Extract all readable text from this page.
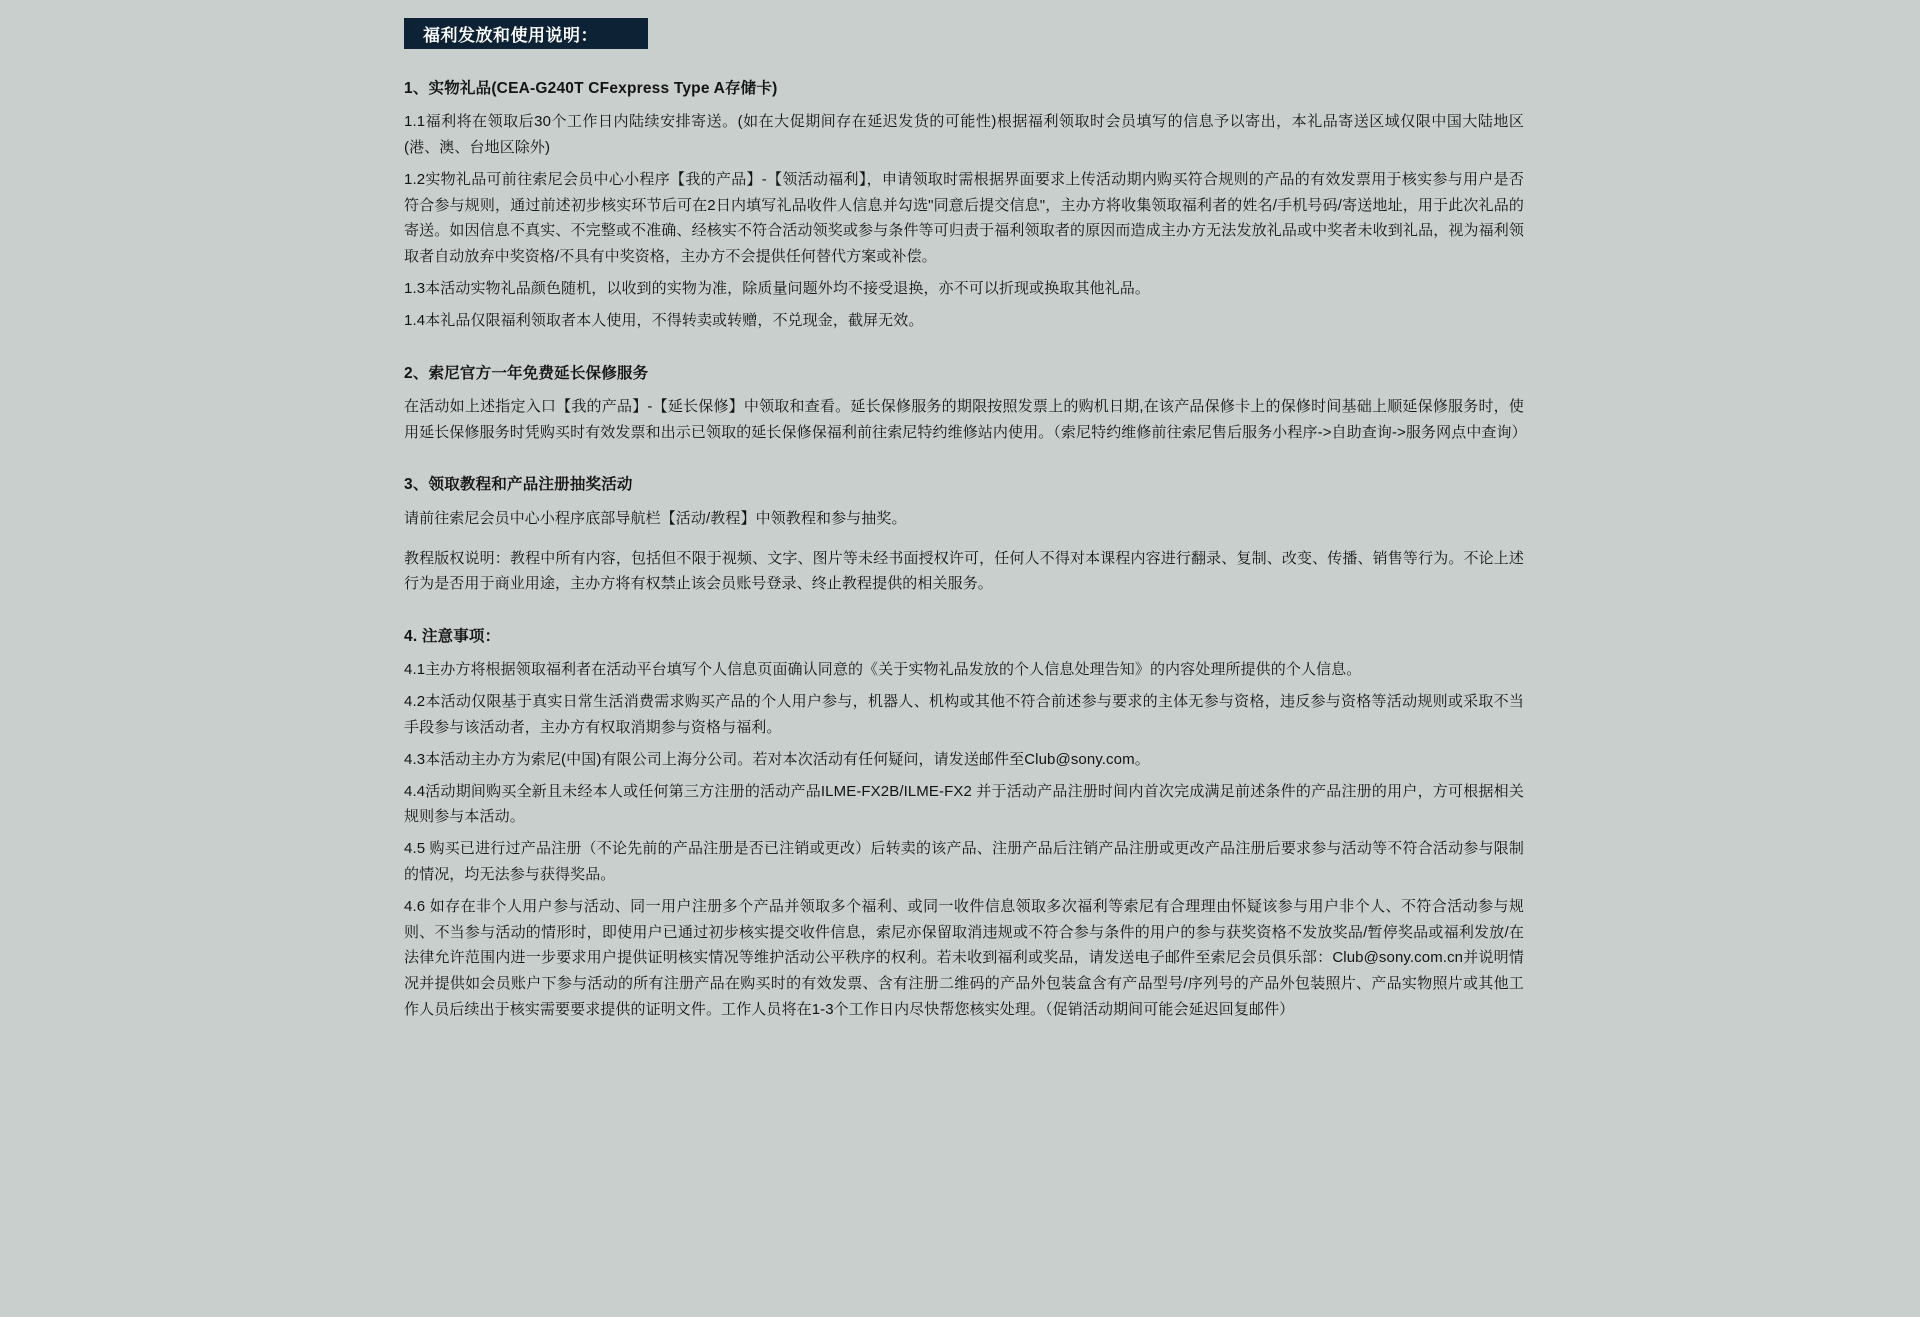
福利发放和使用说明：
1、实物礼品(CEA-G240T CFexpress Type A存储卡)

1.1福利将在领取后30个工作日内陆续安排寄送。(如在大促期间存在延迟发货的可能性)根据福利领取时会员填写的信息予以寄出，本礼品寄送区域仅限中国大陆地区(港、澳、台地区除外)

1.2实物礼品可前往索尼会员中心小程序【我的产品】-【领活动福利】，申请领取时需根据界面要求上传活动期内购买符合规则的产品的有效发票用于核实参与用户是否符合参与规则，通过前述初步核实环节后可在2日内填写礼品收件人信息并勾选"同意后提交信息"，主办方将收集领取福利者的姓名/手机号码/寄送地址，用于此次礼品的寄送。如因信息不真实、不完整或不准确、经核实不符合活动领奖或参与条件等可归责于福利领取者的原因而造成主办方无法发放礼品或中奖者未收到礼品，视为福利领取者自动放弃中奖资格/不具有中奖资格，主办方不会提供任何替代方案或补偿。

1.3本活动实物礼品颜色随机，以收到的实物为准，除质量问题外均不接受退换，亦不可以折现或换取其他礼品。

1.4本礼品仅限福利领取者本人使用，不得转卖或转赠，不兑现金，截屏无效。

2、索尼官方一年免费延长保修服务

在活动如上述指定入口【我的产品】-【延长保修】中领取和查看。延长保修服务的期限按照发票上的购机日期,在该产品保修卡上的保修时间基础上顺延保修服务时，使用延长保修服务时凭购买时有效发票和出示已领取的延长保修保福利前往索尼特约维修站内使用。（索尼特约维修前往索尼售后服务小程序->自助查询->服务网点中查询）

3、领取教程和产品注册抽奖活动

请前往索尼会员中心小程序底部导航栏【活动/教程】中领教程和参与抽奖。

教程版权说明：教程中所有内容，包括但不限于视频、文字、图片等未经书面授权许可，任何人不得对本课程内容进行翻录、复制、改变、传播、销售等行为。不论上述行为是否用于商业用途，主办方将有权禁止该会员账号登录、终止教程提供的相关服务。

4. 注意事项：

4.1主办方将根据领取福利者在活动平台填写个人信息页面确认同意的《关于实物礼品发放的个人信息处理告知》的内容处理所提供的个人信息。

4.2本活动仅限基于真实日常生活消费需求购买产品的个人用户参与，机器人、机构或其他不符合前述参与要求的主体无参与资格，违反参与资格等活动规则或采取不当手段参与该活动者，主办方有权取消期参与资格与福利。

4.3本活动主办方为索尼(中国)有限公司上海分公司。若对本次活动有任何疑问，请发送邮件至Club@sony.com。

4.4活动期间购买全新且未经本人或任何第三方注册的活动产品ILME-FX2B/ILME-FX2 并于活动产品注册时间内首次完成满足前述条件的产品注册的用户，方可根据相关规则参与本活动。

4.5 购买已进行过产品注册（不论先前的产品注册是否已注销或更改）后转卖的该产品、注册产品后注销产品注册或更改产品注册后要求参与活动等不符合活动参与限制的情况，均无法参与获得奖品。

4.6 如存在非个人用户参与活动、同一用户注册多个产品并领取多个福利、或同一收件信息领取多次福利等索尼有合理理由怀疑该参与用户非个人、不符合活动参与规则、不当参与活动的情形时，即使用户已通过初步核实提交收件信息，索尼亦保留取消违规或不符合参与条件的用户的参与获奖资格不发放奖品/暂停奖品或福利发放/在法律允许范围内进一步要求用户提供证明核实情况等维护活动公平秩序的权利。若未收到福利或奖品，请发送电子邮件至索尼会员俱乐部：Club@sony.com.cn并说明情况并提供如会员账户下参与活动的所有注册产品在购买时的有效发票、含有注册二维码的产品外包装盒含有产品型号/序列号的产品外包装照片、产品实物照片或其他工作人员后续出于核实需要要求提供的证明文件。工作人员将在1-3个工作日内尽快帮您核实处理。（促销活动期间可能会延迟回复邮件）
